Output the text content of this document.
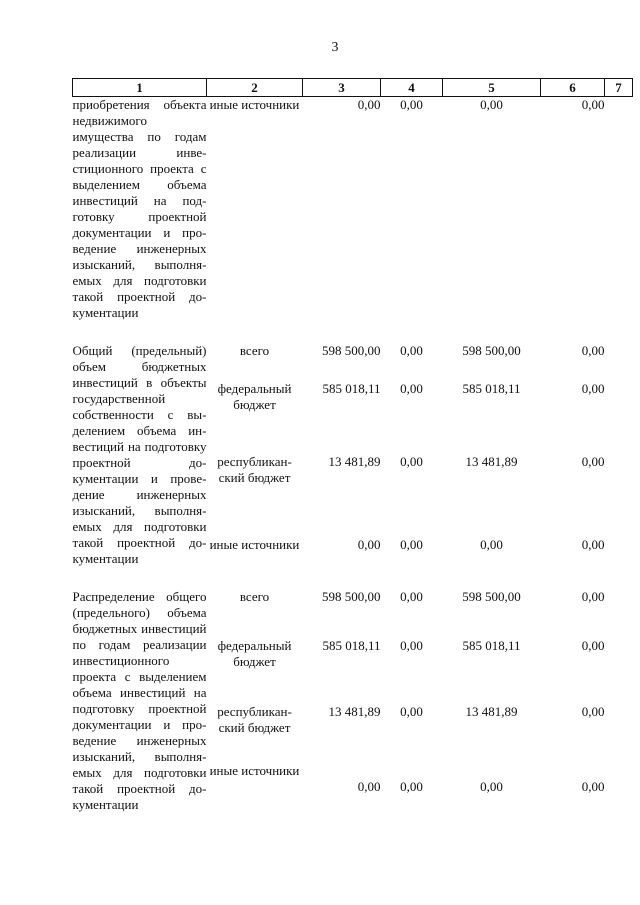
3
1	2	3	4	5	6	7
приобретения объекта недвижимого имущества по годам реализации инвестиционного проекта с выделением объема инвестиций на подготовку проектной документации и проведение инженерных изысканий, выполняемых для подготовки такой проектной документации	иные источники	0,00	0,00	0,00	0,00	

Общий (предельный) объем бюджетных инвестиций в объекты государственной собственности с выделением объема инвестиций на подготовку проектной документации и проведение инженерных изысканий, выполняемых для подготовки такой проектной документации	всего	598 500,00	0,00	598 500,00	0,00	

	федеральный бюджет	585 018,11	0,00	585 018,11	0,00	

	республиканский бюджет	13 481,89	0,00	13 481,89	0,00	

	иные источники	0,00	0,00	0,00	0,00	

Распределение общего (предельного) объема бюджетных инвестиций по годам реализации инвестиционного проекта с выделением объема инвестиций на подготовку проектной документации и проведение инженерных изысканий, выполняемых для подготовки такой проектной документации	всего	598 500,00	0,00	598 500,00	0,00	

	федеральный бюджет	585 018,11	0,00	585 018,11	0,00	

	республиканский бюджет	13 481,89	0,00	13 481,89	0,00	

	иные источники	0,00	0,00	0,00	0,00	
